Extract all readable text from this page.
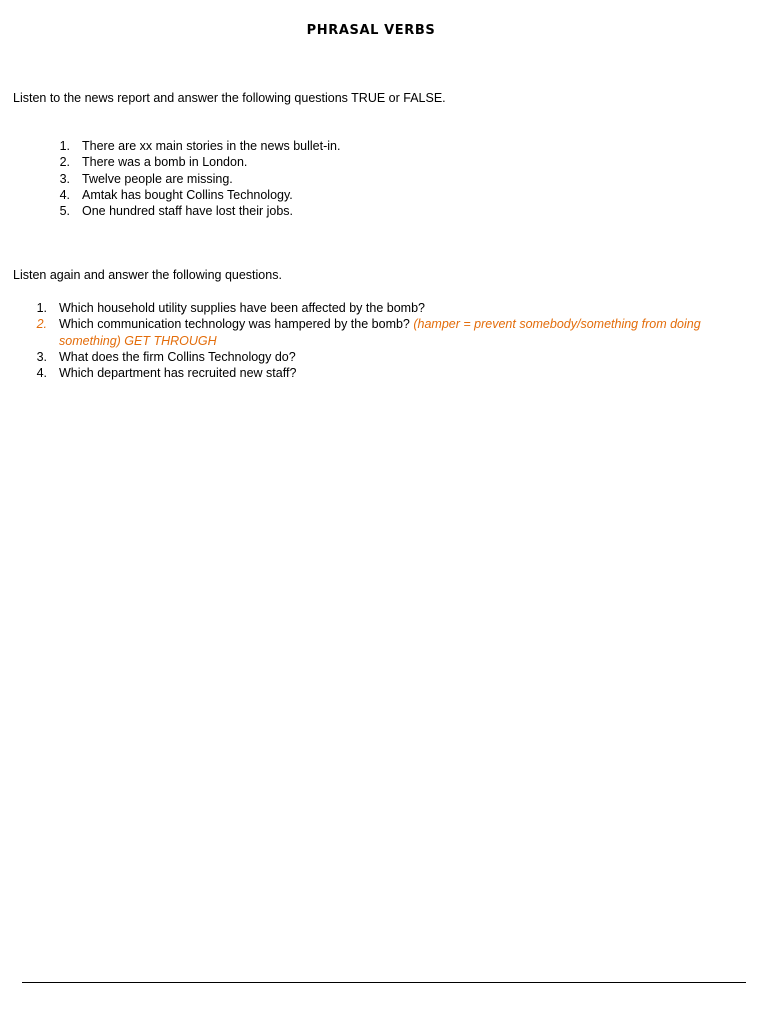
PHRASAL VERBS

Listen to the news report and answer the following questions TRUE or FALSE.

1. There are xx main stories in the news bullet-in.
2. There was a bomb in London.
3. Twelve people are missing.
4. Amtak has bought Collins Technology.
5. One hundred staff have lost their jobs.

Listen again and answer the following questions.

1. Which household utility supplies have been affected by the bomb?
2. Which communication technology was hampered by the bomb? (hamper = prevent somebody/something from doing something) GET THROUGH
3. What does the firm Collins Technology do?
4. Which department has recruited new staff?
